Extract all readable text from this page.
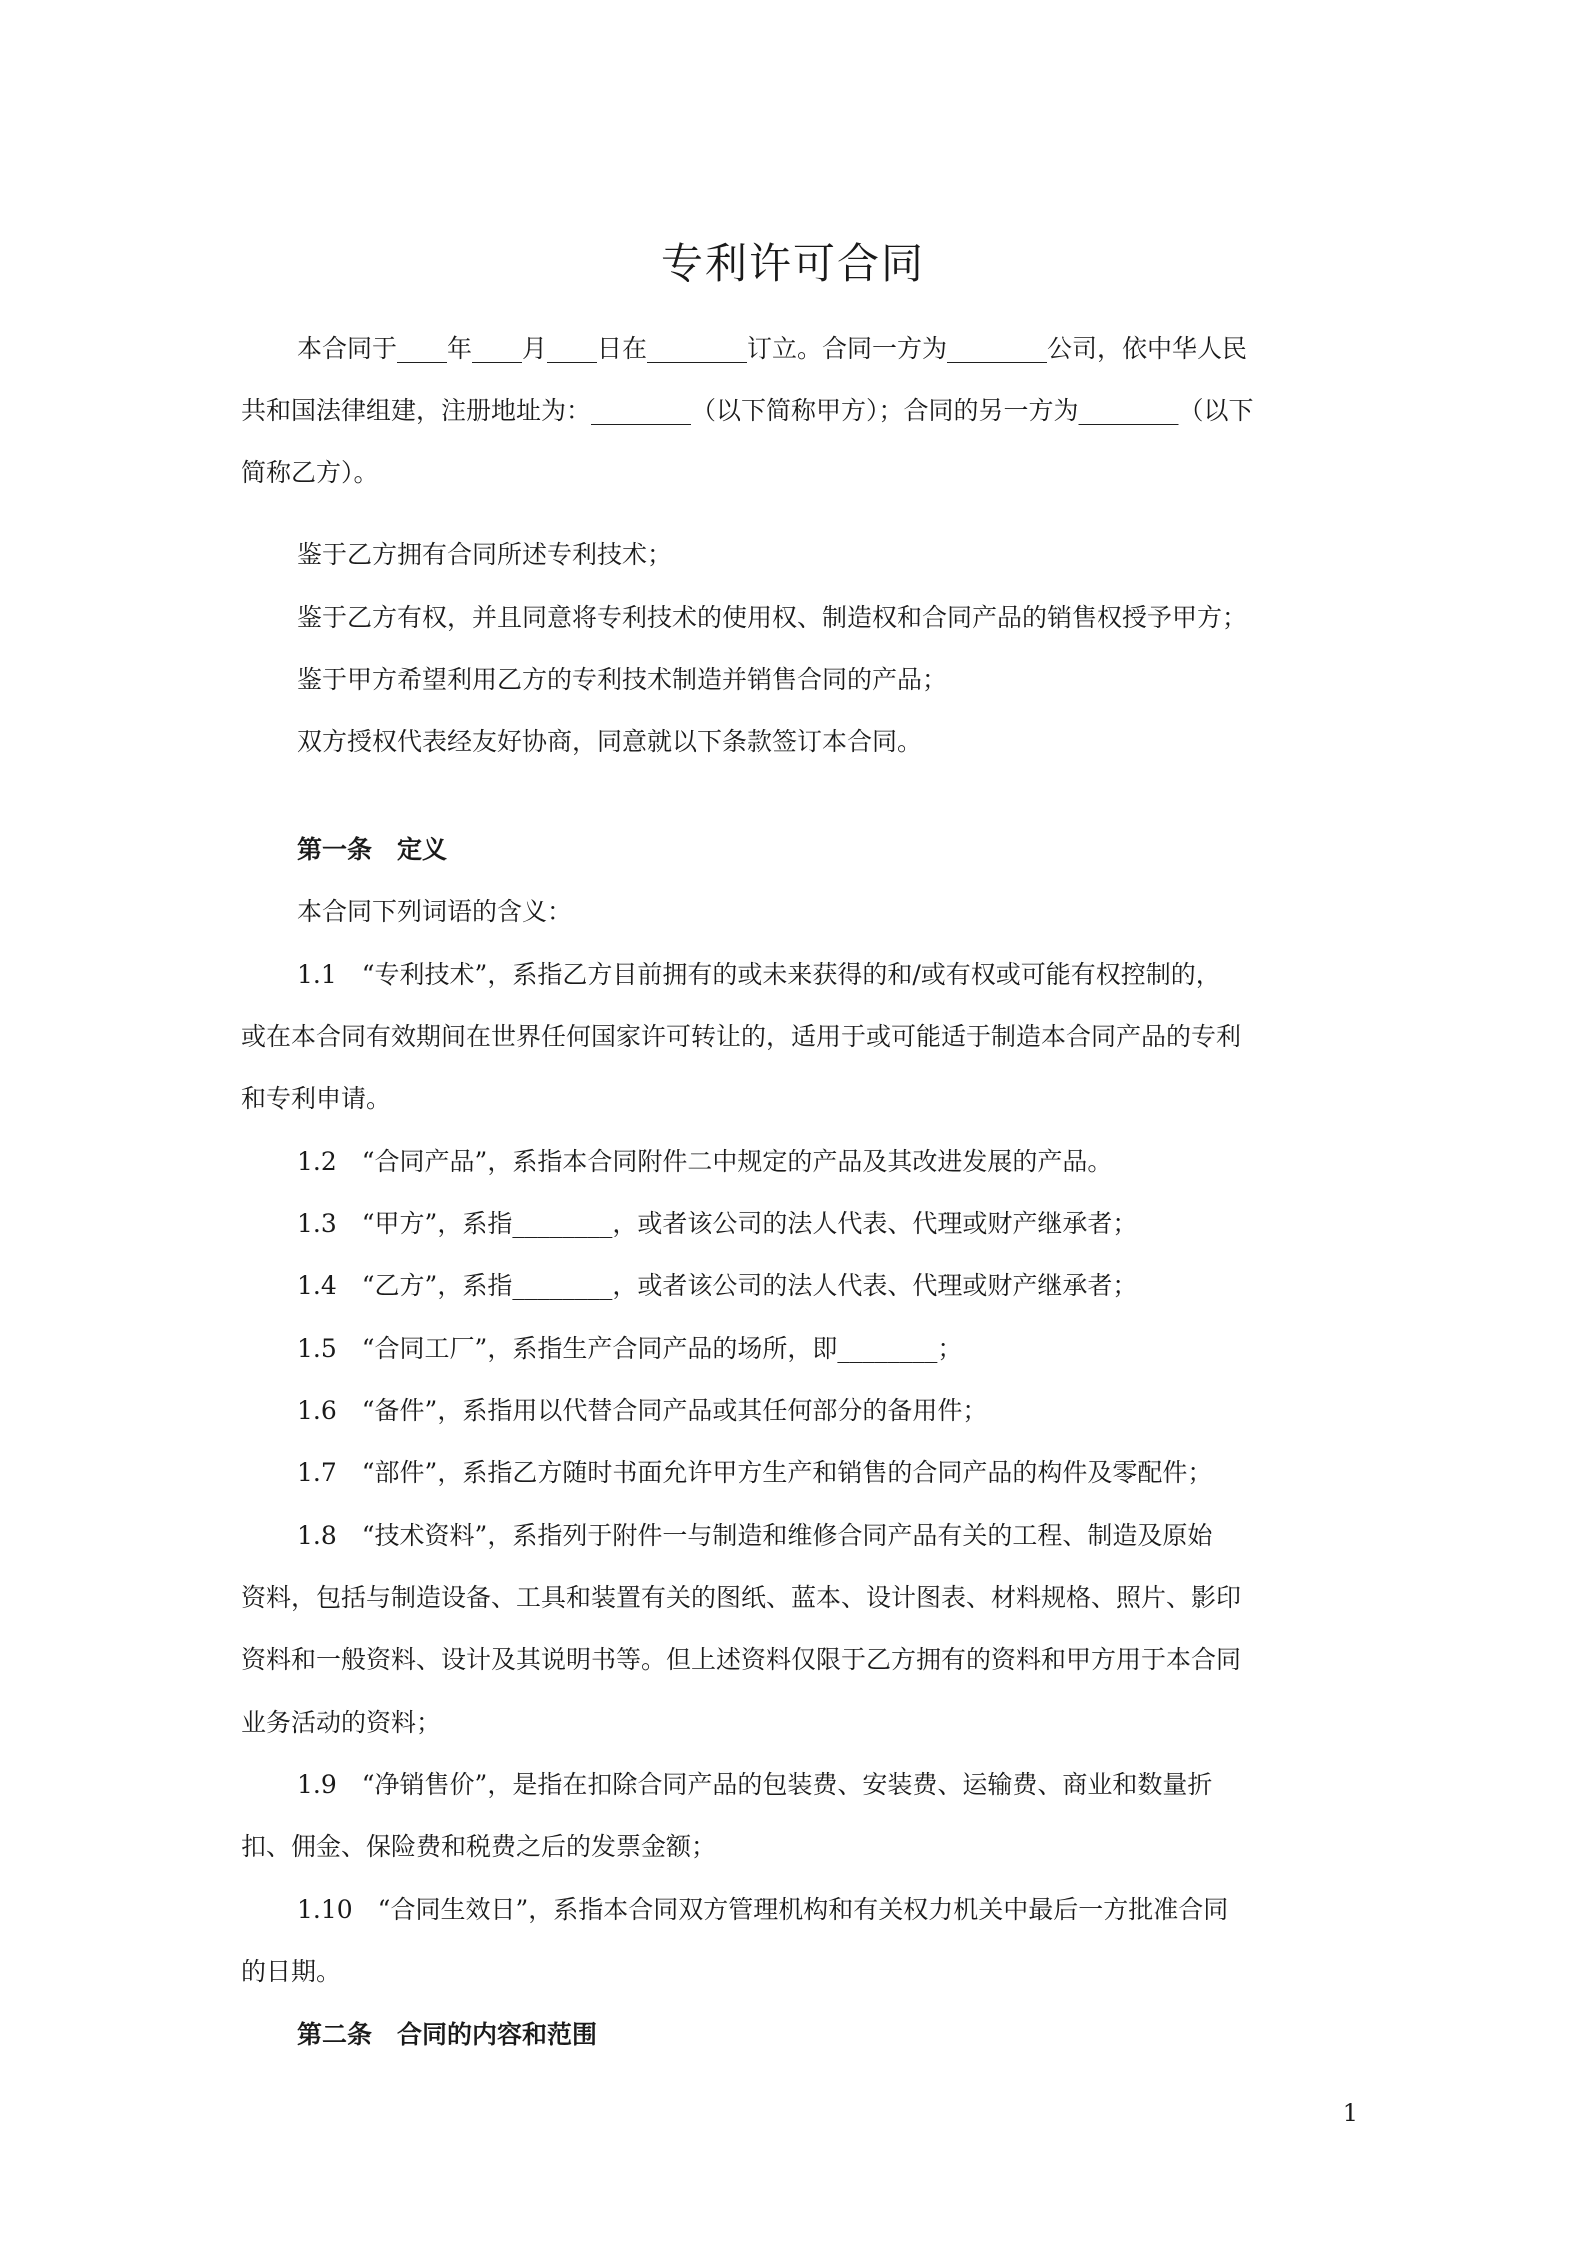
专利许可合同

本合同于____年____月____日在________订立。合同一方为________公司，依中华人民

共和国法律组建，注册地址为：________（以下简称甲方）；合同的另一方为________（以下

简称乙方）。

鉴于乙方拥有合同所述专利技术；

鉴于乙方有权，并且同意将专利技术的使用权、制造权和合同产品的销售权授予甲方；

鉴于甲方希望利用乙方的专利技术制造并销售合同的产品；

双方授权代表经友好协商，同意就以下条款签订本合同。

第一条　定义

本合同下列词语的含义：

1.1　“专利技术”，系指乙方目前拥有的或未来获得的和/或有权或可能有权控制的，

或在本合同有效期间在世界任何国家许可转让的，适用于或可能适于制造本合同产品的专利

和专利申请。

1.2　“合同产品”，系指本合同附件二中规定的产品及其改进发展的产品。

1.3　“甲方”，系指________，或者该公司的法人代表、代理或财产继承者；

1.4　“乙方”，系指________，或者该公司的法人代表、代理或财产继承者；

1.5　“合同工厂”，系指生产合同产品的场所，即________；

1.6　“备件”，系指用以代替合同产品或其任何部分的备用件；

1.7　“部件”，系指乙方随时书面允许甲方生产和销售的合同产品的构件及零配件；

1.8　“技术资料”，系指列于附件一与制造和维修合同产品有关的工程、制造及原始

资料，包括与制造设备、工具和装置有关的图纸、蓝本、设计图表、材料规格、照片、影印

资料和一般资料、设计及其说明书等。但上述资料仅限于乙方拥有的资料和甲方用于本合同

业务活动的资料；

1.9　“净销售价”，是指在扣除合同产品的包装费、安装费、运输费、商业和数量折

扣、佣金、保险费和税费之后的发票金额；

1.10　“合同生效日”，系指本合同双方管理机构和有关权力机关中最后一方批准合同

的日期。

第二条　合同的内容和范围

1
